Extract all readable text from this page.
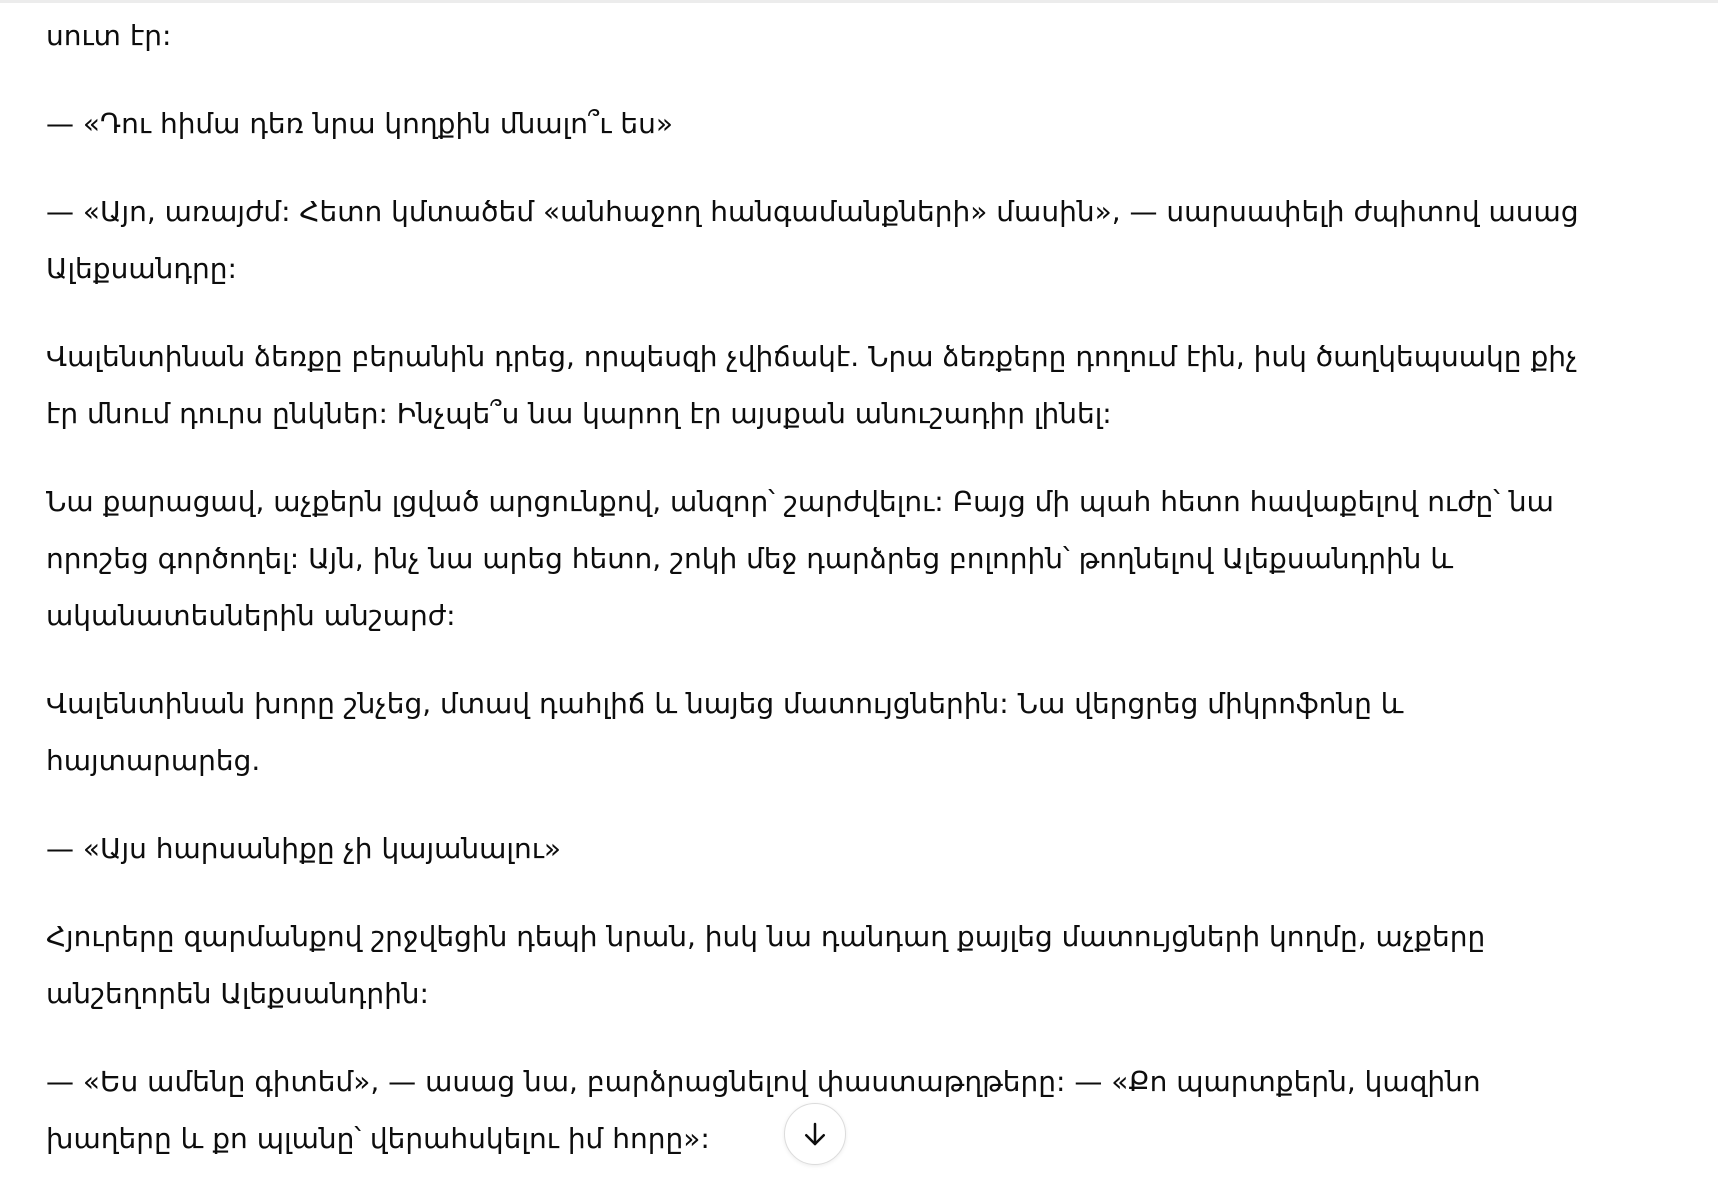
սուտ էր:

— «Դու հիմա դեռ նրա կողքին մնալո՞ւ ես»

— «Այո, առայժմ: Հետո կմտածեմ «անհաջող հանգամանքների» մասին», — սարսափելի ժպիտով ասաց Ալեքսանդրը:

Վալենտինան ձեռքը բերանին դրեց, որպեսզի չվիճակէ. Նրա ձեռքերը դողում էին, իսկ ծաղկեպսակը քիչ էր մնում դուրս ընկներ: Ինչպե՞ս նա կարող էր այսքան անուշադիր լինել:

Նա քարացավ, աչքերն լցված արցունքով, անզոր՝ շարժվելու: Բայց մի պահ հետո հավաքելով ուժը՝ նա որոշեց գործողել: Այն, ինչ նա արեց հետո, շոկի մեջ դարձրեց բոլորին՝ թողնելով Ալեքսանդրին և ականատեսներին անշարժ:

Վալենտինան խորը շնչեց, մտավ դահլիճ և նայեց մատույցներին: Նա վերցրեց միկրոֆոնը և հայտարարեց.

— «Այս հարսանիքը չի կայանալու»

Հյուրերը զարմանքով շրջվեցին դեպի նրան, իսկ նա դանդաղ քայլեց մատույցների կողմը, աչքերը անշեղորեն Ալեքսանդրին:

— «Ես ամենը գիտեմ», — ասաց նա, բարձրացնելով փաստաթղթերը: — «Քո պարտքերն, կազինո խաղերը և քո պլանը՝ վերահսկելու իմ հորը»:
